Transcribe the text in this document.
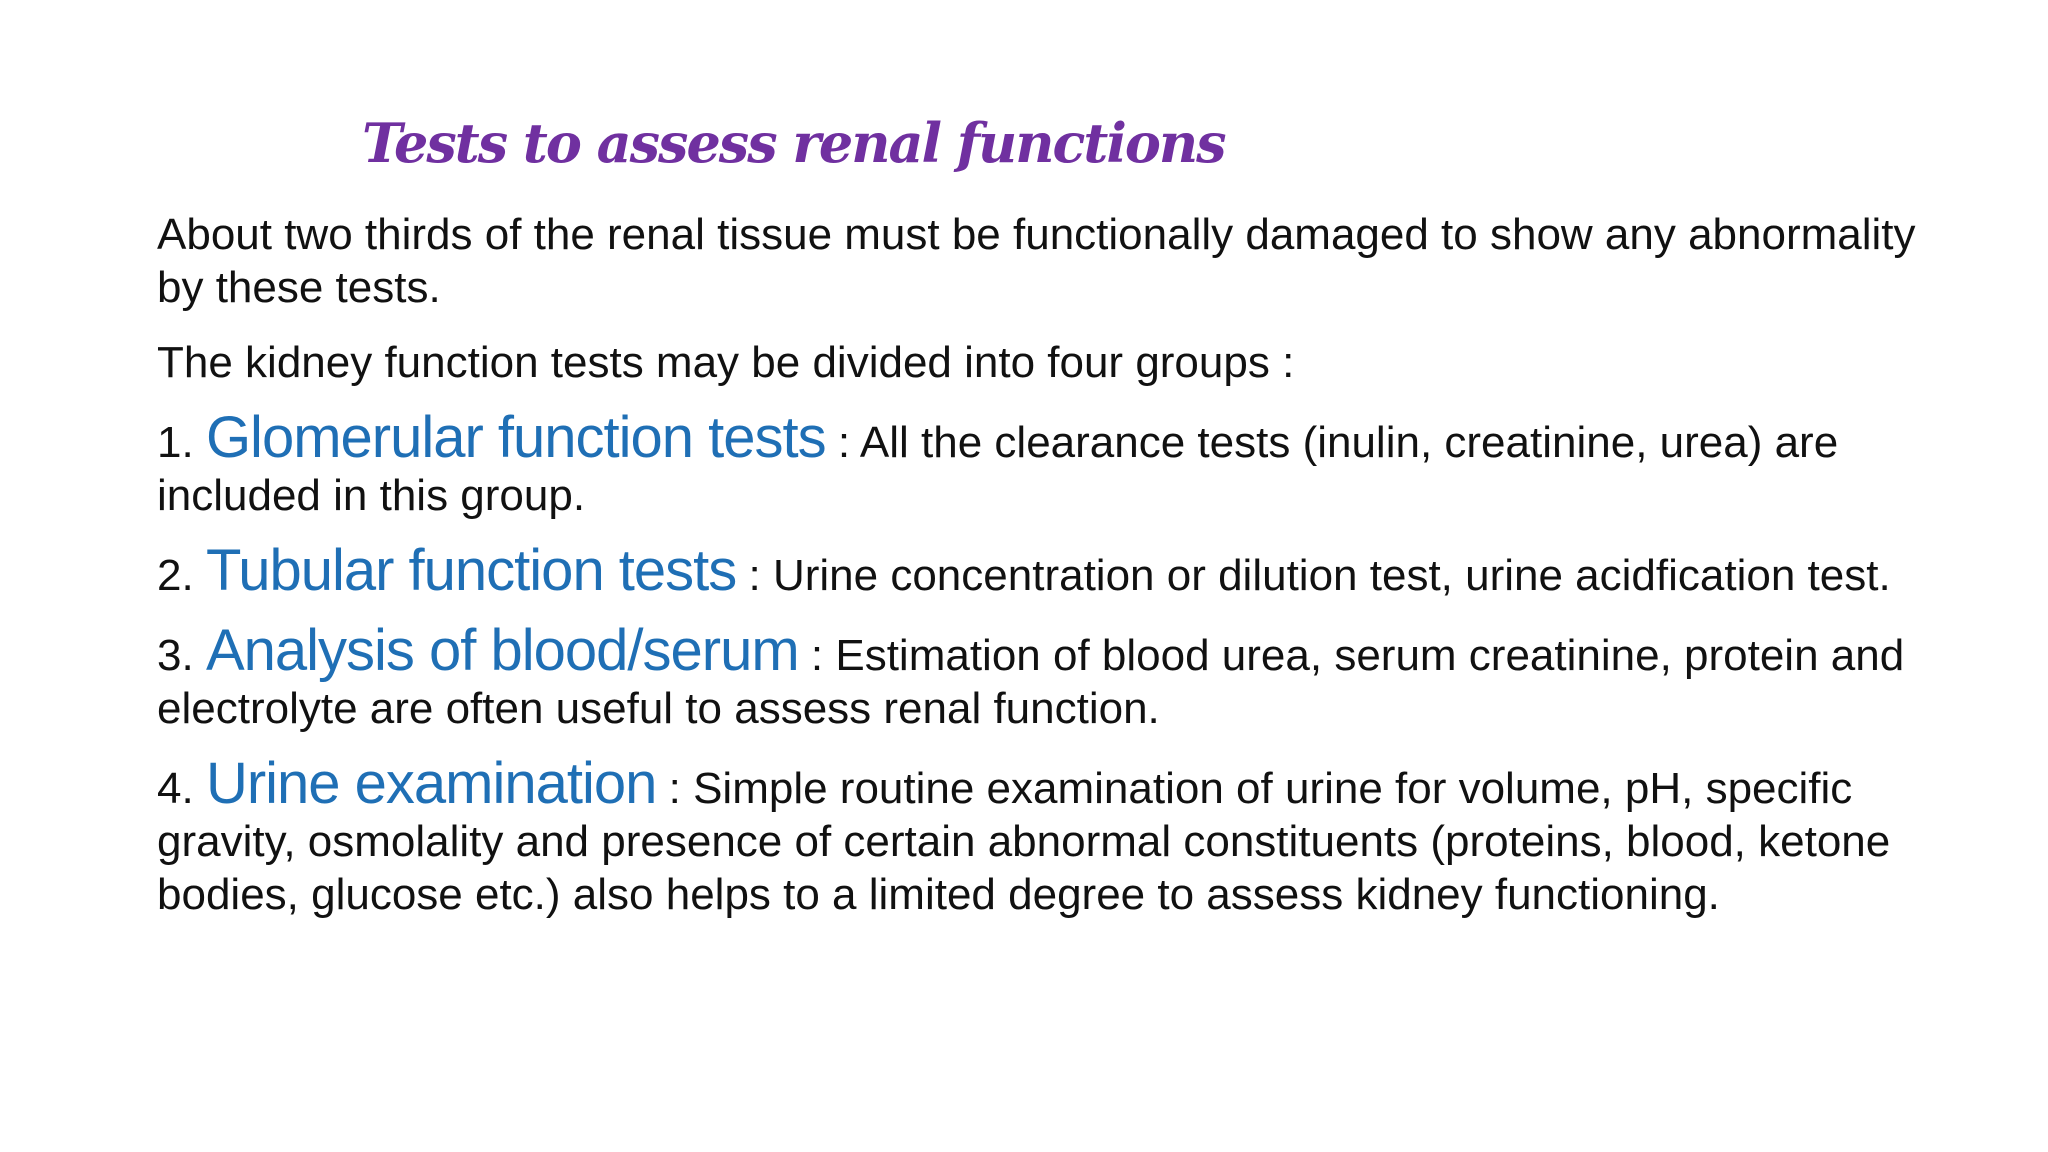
Tests to assess renal functions

About two thirds of the renal tissue must be functionally damaged to show any abnormality by these tests.

The kidney function tests may be divided into four groups :

1. Glomerular function tests : All the clearance tests (inulin, creatinine, urea) are included in this group.

2. Tubular function tests : Urine concentration or dilution test, urine acidfication test.

3. Analysis of blood/serum : Estimation of blood urea, serum creatinine, protein and electrolyte are often useful to assess renal function.

4. Urine examination : Simple routine examination of urine for volume, pH, specific gravity, osmolality and presence of certain abnormal constituents (proteins, blood, ketone bodies, glucose etc.) also helps to a limited degree to assess kidney functioning.
